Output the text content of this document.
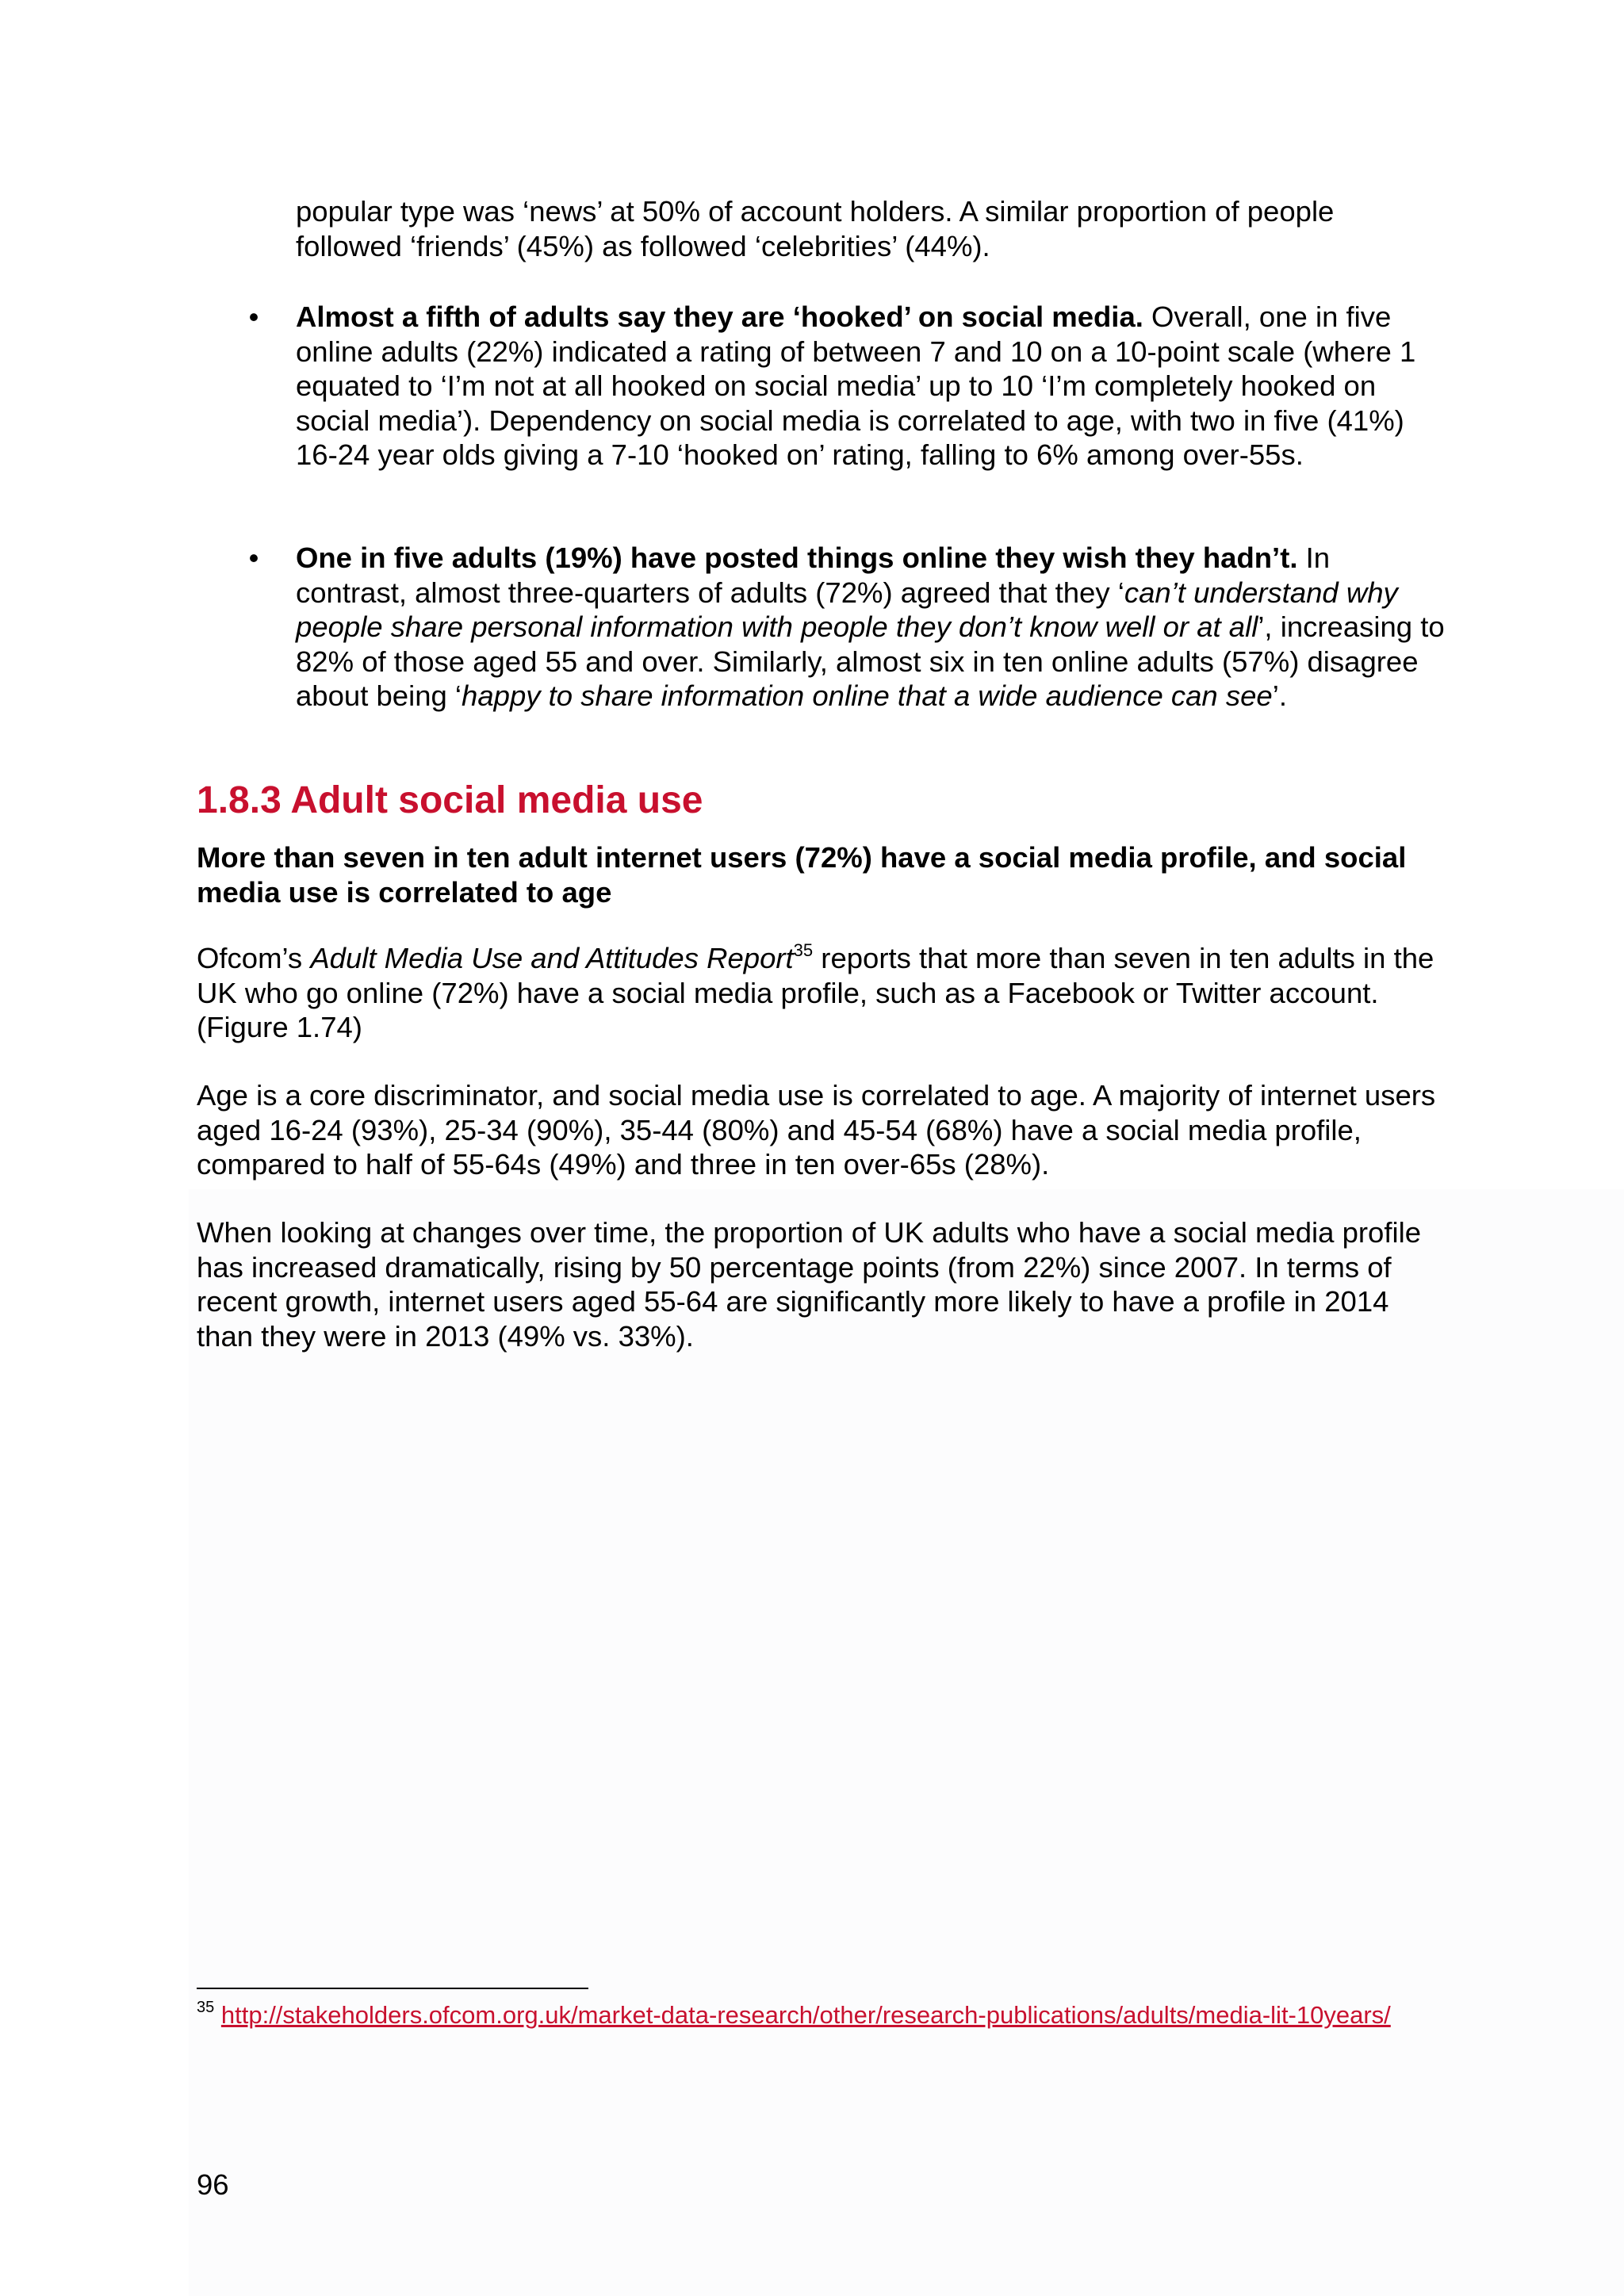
popular type was ‘news’ at 50% of account holders. A similar proportion of people followed ‘friends’ (45%) as followed ‘celebrities’ (44%).

• Almost a fifth of adults say they are ‘hooked’ on social media. Overall, one in five online adults (22%) indicated a rating of between 7 and 10 on a 10-point scale (where 1 equated to ‘I’m not at all hooked on social media’ up to 10 ‘I’m completely hooked on social media’). Dependency on social media is correlated to age, with two in five (41%) 16-24 year olds giving a 7-10 ‘hooked on’ rating, falling to 6% among over-55s.

• One in five adults (19%) have posted things online they wish they hadn’t. In contrast, almost three-quarters of adults (72%) agreed that they ‘can’t understand why people share personal information with people they don’t know well or at all’, increasing to 82% of those aged 55 and over. Similarly, almost six in ten online adults (57%) disagree about being ‘happy to share information online that a wide audience can see’.

1.8.3 Adult social media use

More than seven in ten adult internet users (72%) have a social media profile, and social media use is correlated to age

Ofcom’s Adult Media Use and Attitudes Report$^{35}$ reports that more than seven in ten adults in the UK who go online (72%) have a social media profile, such as a Facebook or Twitter account. (Figure 1.74)

Age is a core discriminator, and social media use is correlated to age. A majority of internet users aged 16-24 (93%), 25-34 (90%), 35-44 (80%) and 45-54 (68%) have a social media profile, compared to half of 55-64s (49%) and three in ten over-65s (28%).

When looking at changes over time, the proportion of UK adults who have a social media profile has increased dramatically, rising by 50 percentage points (from 22%) since 2007. In terms of recent growth, internet users aged 55-64 are significantly more likely to have a profile in 2014 than they were in 2013 (49% vs. 33%).

$^{35}$ http://stakeholders.ofcom.org.uk/market-data-research/other/research-publications/adults/media-lit-10years/

96
